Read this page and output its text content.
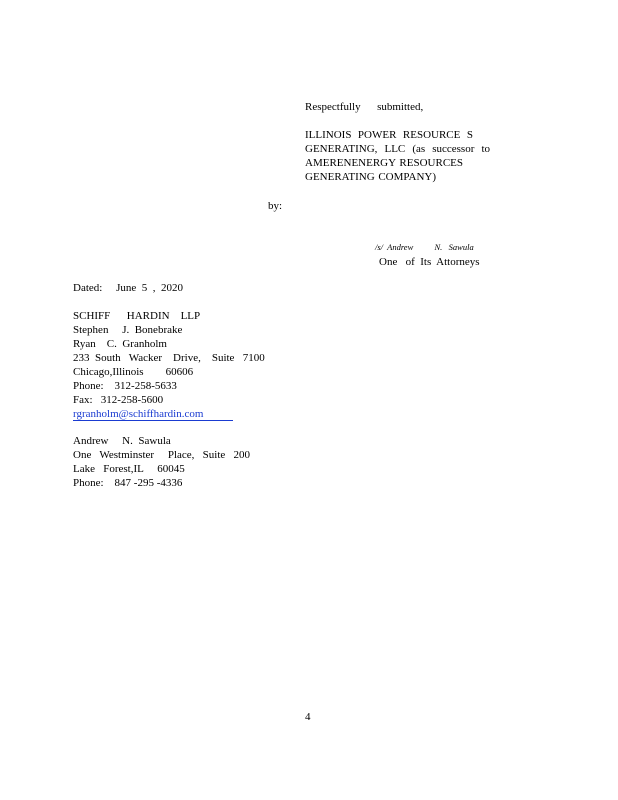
Respectfully      submitted,
ILLINOIS POWER RESOURCE S
GENERATING, LLC (as successor to
AMERENENERGY RESOURCES
GENERATING COMPANY)
by:
/s/  Andrew          N.   Sawula
One   of  Its  Attorneys
Dated:     June  5  ,  2020
SCHIFF      HARDIN    LLP
Stephen     J.  Bonebrake
Ryan    C.  Granholm
233  South   Wacker    Drive,    Suite   7100
Chicago,Illinois        60606
Phone:    312-258-5633
Fax:   312-258-5600
rgranholm@schiffhardin.com
Andrew     N.  Sawula
One   Westminster     Place,   Suite   200
Lake   Forest,IL     60045
Phone:    847 -295 -4336
4
